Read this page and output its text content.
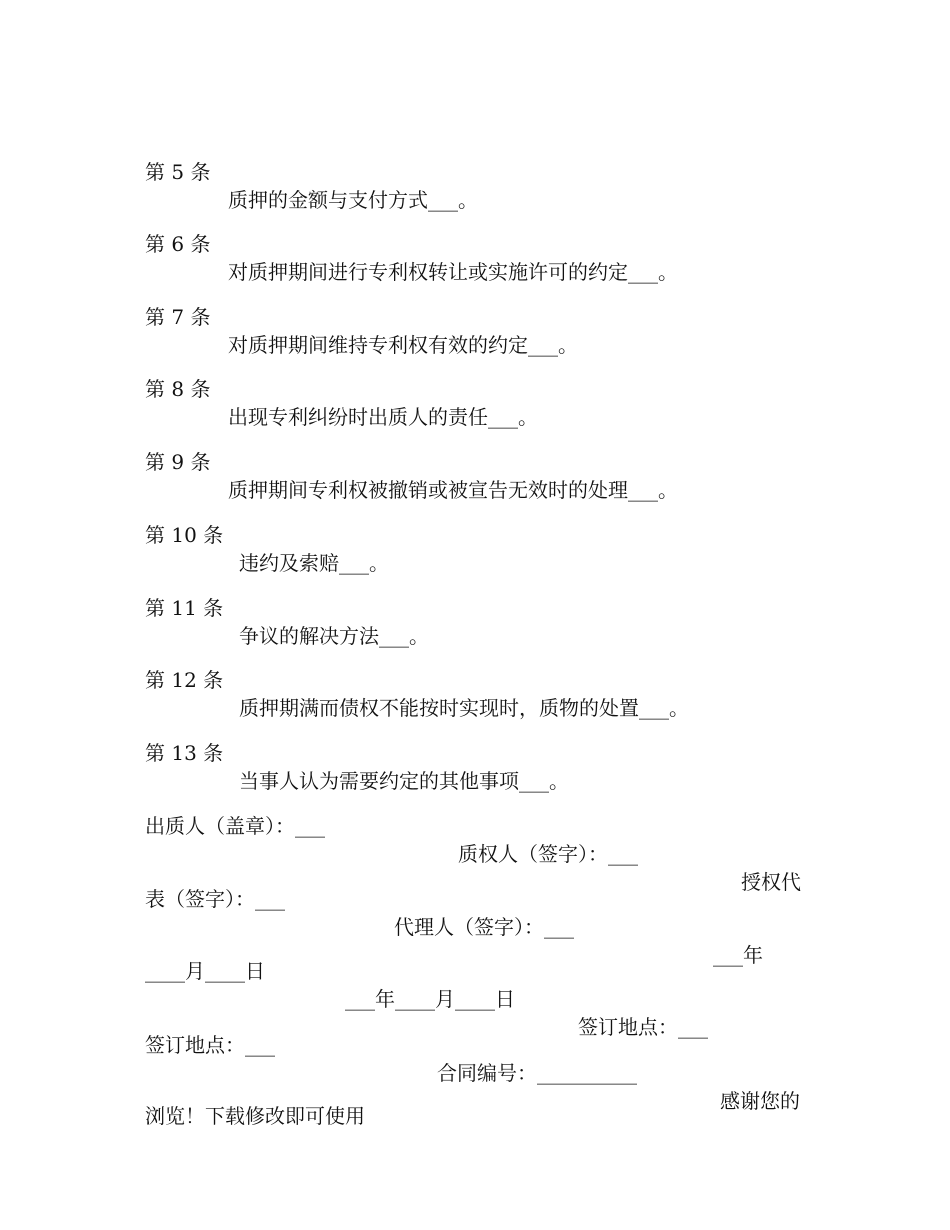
第 5 条

质押的金额与支付方式___。

第 6 条

对质押期间进行专利权转让或实施许可的约定___。

第 7 条

对质押期间维持专利权有效的约定___。

第 8 条

出现专利纠纷时出质人的责任___。

第 9 条

质押期间专利权被撤销或被宣告无效时的处理___。

第 10 条

违约及索赔___。

第 11 条

争议的解决方法___。

第 12 条

质押期满而债权不能按时实现时，质物的处置___。

第 13 条

当事人认为需要约定的其他事项___。

出质人（盖章）：___

质权人（签字）：___

授权代

表（签字）：___

代理人（签字）：___

___年

____月____日

___年____月____日

签订地点：___

签订地点：___

合同编号：__________

感谢您的

浏览！下载修改即可使用
